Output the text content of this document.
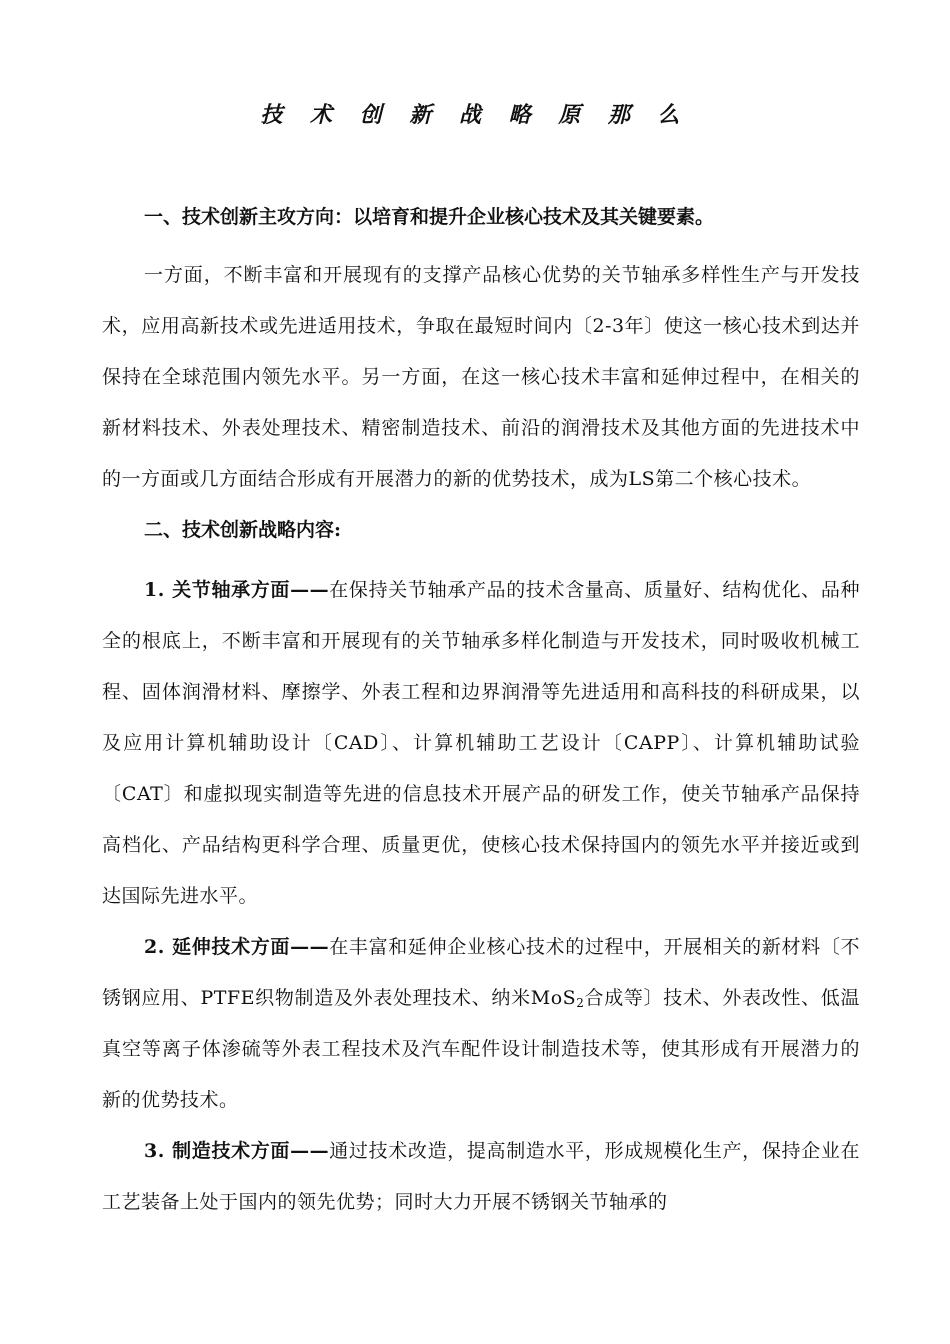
技 术 创 新 战 略 原 那 么

一、技术创新主攻方向：以培育和提升企业核心技术及其关键要素。

一方面，不断丰富和开展现有的支撑产品核心优势的关节轴承多样性生产与开发技术，应用高新技术或先进适用技术，争取在最短时间内〔2-3年〕使这一核心技术到达并保持在全球范围内领先水平。另一方面，在这一核心技术丰富和延伸过程中，在相关的新材料技术、外表处理技术、精密制造技术、前沿的润滑技术及其他方面的先进技术中的一方面或几方面结合形成有开展潜力的新的优势技术，成为LS第二个核心技术。

二、技术创新战略内容:

1. 关节轴承方面——在保持关节轴承产品的技术含量高、质量好、结构优化、品种全的根底上，不断丰富和开展现有的关节轴承多样化制造与开发技术，同时吸收机械工程、固体润滑材料、摩擦学、外表工程和边界润滑等先进适用和高科技的科研成果，以及应用计算机辅助设计〔CAD〕、计算机辅助工艺设计〔CAPP〕、计算机辅助试验〔CAT〕和虚拟现实制造等先进的信息技术开展产品的研发工作，使关节轴承产品保持高档化、产品结构更科学合理、质量更优，使核心技术保持国内的领先水平并接近或到达国际先进水平。

2. 延伸技术方面——在丰富和延伸企业核心技术的过程中，开展相关的新材料〔不锈钢应用、PTFE织物制造及外表处理技术、纳米MoS$_2$合成等〕技术、外表改性、低温真空等离子体渗硫等外表工程技术及汽车配件设计制造技术等，使其形成有开展潜力的新的优势技术。

3. 制造技术方面——通过技术改造，提高制造水平，形成规模化生产，保持企业在工艺装备上处于国内的领先优势；同时大力开展不锈钢关节轴承的
